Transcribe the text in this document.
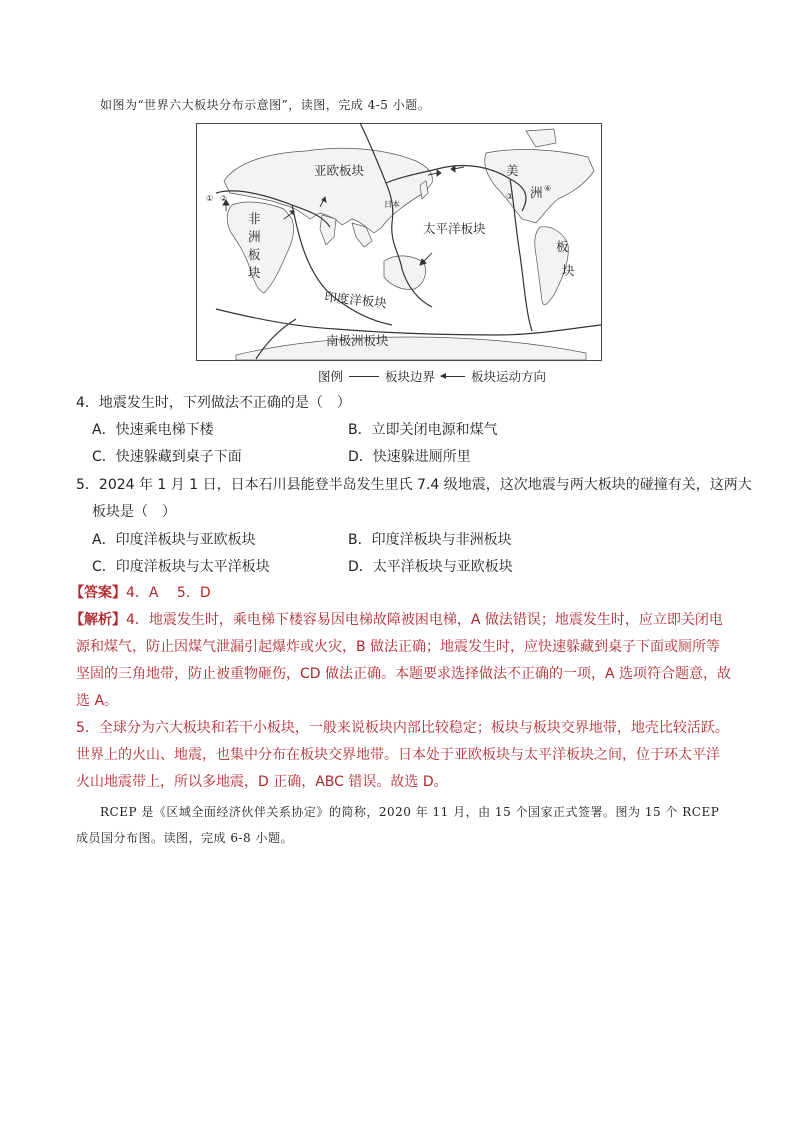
如图为“世界六大板块分布示意图”，读图，完成 4-5 小题。
亚欧板块
非
洲
板
块
太平洋板块
美
洲
板
块
印度洋板块
南极洲板块
日本
① ②	③
④
图例	板块边界	板块运动方向
4．地震发生时，下列做法不正确的是（　）
A．快速乘电梯下楼	B．立即关闭电源和煤气
C．快速躲藏到桌子下面	D．快速躲进厕所里
5．2024 年 1 月 1 日，日本石川县能登半岛发生里氏 7.4 级地震，这次地震与两大板块的碰撞有关，这两大
板块是（　）
A．印度洋板块与亚欧板块	B．印度洋板块与非洲板块
C．印度洋板块与太平洋板块	D．太平洋板块与亚欧板块
【答案】4．A　 5．D
【解析】4．地震发生时，乘电梯下楼容易因电梯故障被困电梯，A 做法错误；地震发生时，应立即关闭电
源和煤气，防止因煤气泄漏引起爆炸或火灾，B 做法正确；地震发生时，应快速躲藏到桌子下面或厕所等
坚固的三角地带，防止被重物砸伤，CD 做法正确。本题要求选择做法不正确的一项，A 选项符合题意，故
选 A。
5．全球分为六大板块和若干小板块，一般来说板块内部比较稳定；板块与板块交界地带，地壳比较活跃。
世界上的火山、地震，也集中分布在板块交界地带。日本处于亚欧板块与太平洋板块之间，位于环太平洋
火山地震带上，所以多地震，D 正确，ABC 错误。故选 D。
RCEP 是《区域全面经济伙伴关系协定》的简称，2020 年 11 月，由 15 个国家正式签署。图为 15 个 RCEP
成员国分布图。读图，完成 6-8 小题。
